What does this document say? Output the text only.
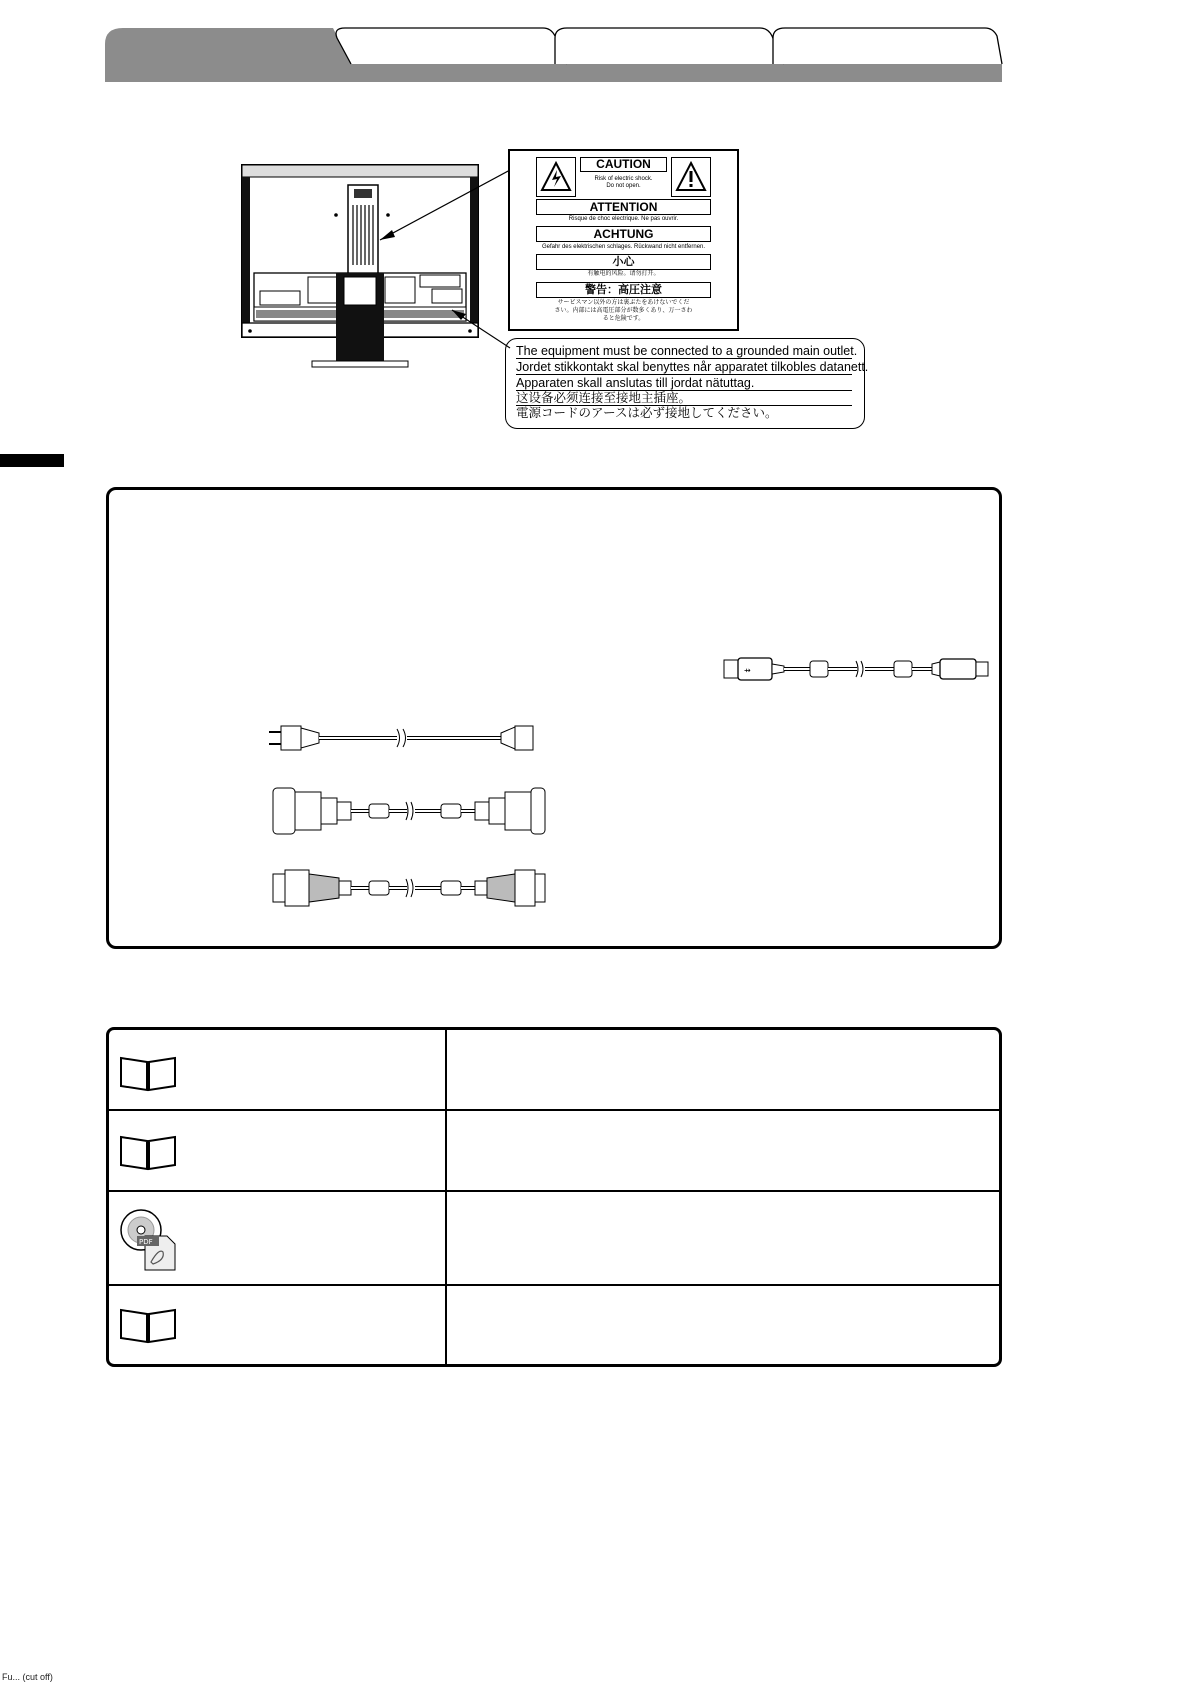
CAUTION
Risk of electric shock.
Do not open.
ATTENTION
Risque de choc electrique. Ne pas ouvrir.
ACHTUNG
Gefahr des elektrischen schlages. Rückwand nicht entfernen.
小心
有触电的风险。请勿打开。
警告：高圧注意
サービスマン以外の方は裏ぶたをあけないでくだ
さい。内部には高電圧部分が数多くあり、万一さわ
ると危険です。
The equipment must be connected to a grounded main outlet.
Jordet stikkontakt skal benyttes når apparatet tilkobles datanett.
Apparaten skall anslutas till jordat nätuttag.
这设备必须连接至接地主插座。
電源コードのアースは必ず接地してください。
⇸
PDF
Fu... (cut off)
